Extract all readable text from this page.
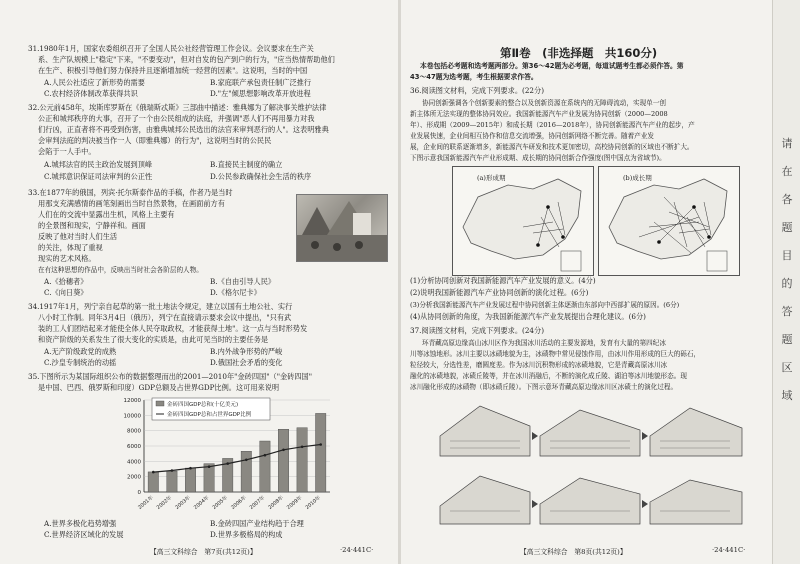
31.1980年1月，国家农委组织召开了全国人民公社经营管理工作会议。会议要求在生产关
系、生产队规模上"稳定"下来，"不要变动"，但对自发的包产到户的行为，"应当热情帮助他们
在生产、积极引导他们努力保持并且逐渐增加统一经营的因素"。这说明，当时的中国
A.人民公社适应了新形势的需要	B.家庭联产承包责任制广泛推行
C.农村经济体制改革获得共识	D."左"倾思想影响改革开放进程
32.公元前458年，埃斯库罗斯在《俄瑞斯忒斯》三部曲中描述：雅典娜为了解决事关维护法律
公正和城邦秩序的大事，召开了一个由公民组成的法庭，并强调"恶人们不再用暴力对我
们行凶，正直者将不再受到伤害，由雅典城邦公民选出的法官来审判恶行的人"。这表明雅典
会审判法庭的判决被当作一人（即雅典娜）的行为"，这说明当时的公民民
会陷于一人手中。
A.城邦法官的民主政治发展到顶峰	B.直接民主制度的确立
C.城邦意识保证司法审判的公正性	D.公民参政确保社会生活的秩序
33.在1877年的俄国，列宾·托尔斯泰作品的手稿，作者乃是当时
用那支充满感情的画笔刻画出当时自然景物，在画面前方有
人们在的交流中显露出生机，风格上主要有
的全景图和现实，宁静祥和。画面
反映了他对当时人们生活
的关注，体现了重视
现实的艺术风格。
在有这种思想的作品中，反映出当时社会各阶层的人物。
A.《拾穗者》	B.《自由引导人民》
C.《向日葵》	D.《格尔尼卡》
34.1917年1月，列宁亲自起草的第一批土地法令规定，建立以国有土地公社、实行
八小时工作制。同年3月4日（俄历），列宁在直接请示要求会议中提出，"只有武
装的工人们团结起来才能使全体人民夺取政权，才能获得土地"。这一点与当时形势发
和资产阶级的关系发生了很大变化的实质是，由此可见当时的主要任务是
A.无产阶级政党的成熟	B.内外战争形势的严峻
C.沙皇专制统治的动摇	D.俄国社会矛盾的变化
35.下图所示为某国际组织公布的数据整理而出的2001—2010年"金砖四国"（"金砖四国"
是中国、巴西、俄罗斯和印度）GDP总额及占世界GDP比例。这可用来说明
0
2000
4000
6000
8000
10000
12000
2001年 2002年 2003年 2004年 2005年 2006年 2007年 2008年 2009年 2010年
金砖四国GDP总和(十亿美元)
金砖四国GDP总和占世界GDP比例
A.世界多极化趋势增强	B.金砖四国产业结构趋于合理
C.世界经济区域化的发展	D.世界多极格局的构成
【高三文科综合　第7页(共12页)】	·24·441C·
第Ⅱ卷　(非选择题　共160分)
本卷包括必考题和选考题两部分。第36～42题为必考题，每道试题考生都必须作答。第
43～47题为选考题，考生根据要求作答。
36.阅读图文材料，完成下列要求。(22分)
协同创新强调各个创新要素的整合以及创新资源在系统内的无障碍流动，实现单一创
新主体所无法实现的整体协同效应。我国新能源汽车产业发展为协同创新（2000—2008
年）、形成期（2009—2015年）和成长期（2016—2018年），协同创新能源汽车产业的起步，产
业发展快速，企业间相互协作和信息交流增强，协同创新网络不断完善。随着产业发
展，企业间的联系逐渐增多，新能源汽车研发和技术更加密切，高校协同创新的区域也不断扩大。
下图示意我国新能源汽车产业形成期、成长期的协同创新合作强度(图中国点为省域节)。
(a)形成期	(b)成长期
(1)分析协同创新对我国新能源汽车产业发展的意义。(4分)
(2)说明我国新能源汽车产业协同创新的演化过程。(6分)
(3)分析我国新能源汽车产业发展过程中协同创新主体逐渐由东部向中西部扩展的原因。(6分)
(4)从协同创新的角度，为我国新能源汽车产业发展提出合理化建议。(6分)
37.阅读图文材料，完成下列要求。(24分)
环青藏高原边缘高山冰川区作为我国冰川活动的主要发源地，发育有大量的第四纪冰
川等冰蚀地形。冰川主要以冰碛地貌为主，冰碛物中常见侵蚀作用，由冰川作用形成的巨大的砾石，
粒径较大，分选性差，磨圆度差。作为冰川沉积物形成的冰碛地貌，它是青藏高原冰川冰
融化的冰碛地貌，冰碛丘陵等，并在冰川消融后，不断的演化成丘陵、湖泊等冰川地貌形态。现
冰川融化形成的冰碛物（即冰碛丘陵）。下图示意环青藏高原边缘冰川区冰碛土的演化过程。
【高三文科综合　第8页(共12页)】	·24·441C·
请
在
各
题
目
的
答
题
区
域
